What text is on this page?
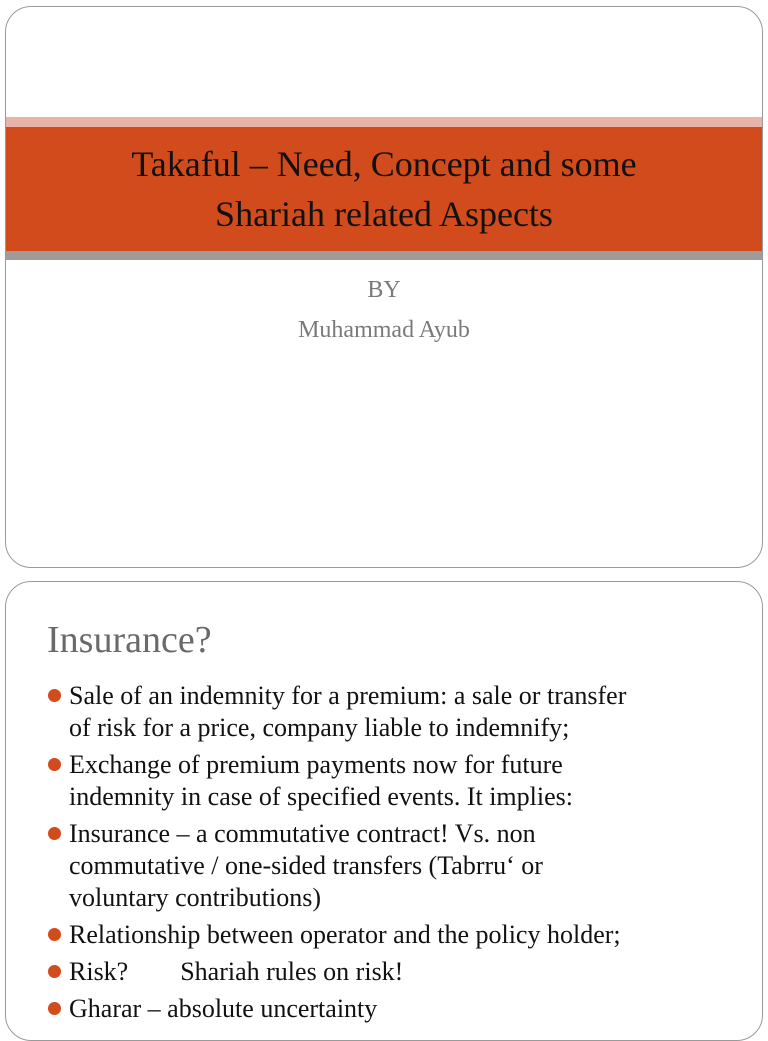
Takaful – Need, Concept and some
Shariah related Aspects
BY
Muhammad Ayub
Insurance?
Sale of an indemnity for a premium: a sale or transfer
of risk for a price, company liable to indemnify;
Exchange of premium payments now for future
indemnity in case of specified events. It implies:
Insurance – a commutative contract! Vs. non
commutative / one-sided transfers (Tabrru‘ or
voluntary contributions)
Relationship between operator and the policy holder;
Risk?        Shariah rules on risk!
Gharar – absolute uncertainty
